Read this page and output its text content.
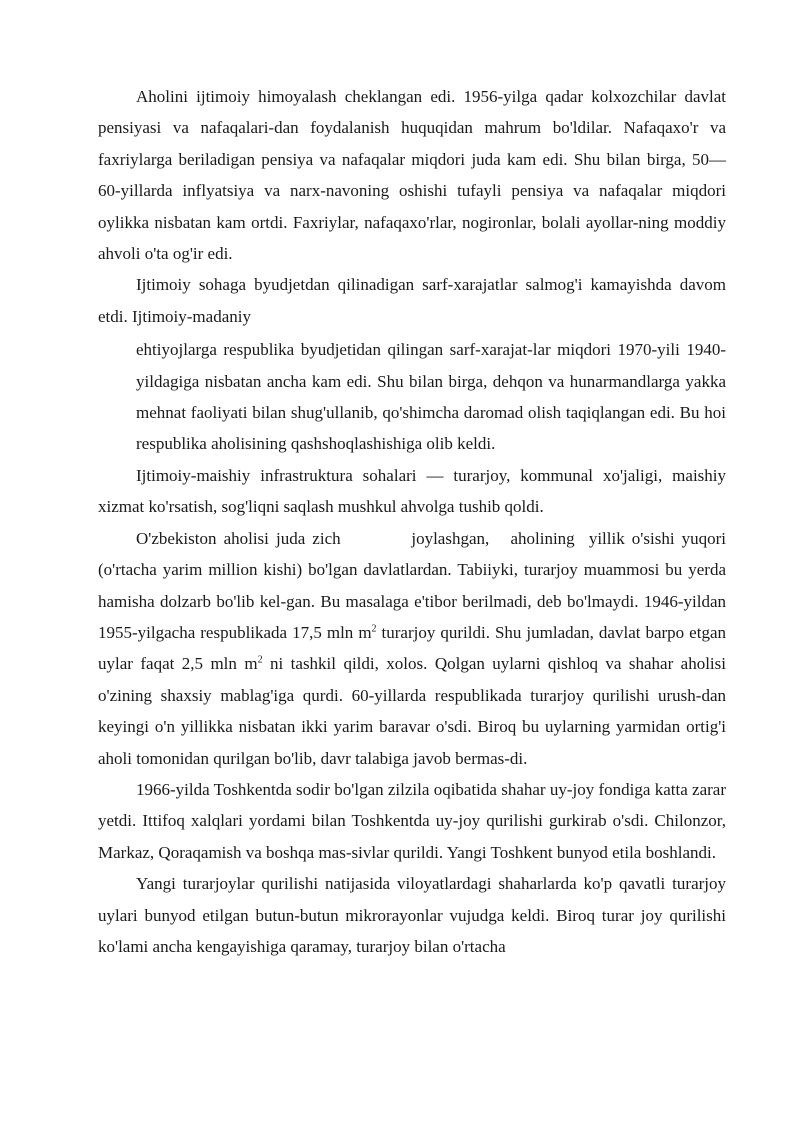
Aholini ijtimoiy himoyalash cheklangan edi. 1956-yilga qadar kolxozchilar davlat pensiyasi va nafaqalari-dan foydalanish huquqidan mahrum bo'ldilar. Nafaqaxo'r va faxriylarga beriladigan pensiya va nafaqalar miqdori juda kam edi. Shu bilan birga, 50— 60-yillarda inflyatsiya va narx-navoning oshishi tufayli pensiya va nafaqalar miqdori oylikka nisbatan kam ortdi. Faxriylar, nafaqaxo'rlar, nogironlar, bolali ayollar-ning moddiy ahvoli o'ta og'ir edi.

Ijtimoiy sohaga byudjetdan qilinadigan sarf-xarajatlar salmog'i kamayishda davom etdi. Ijtimoiy-madaniy

ehtiyojlarga respublika byudjetidan qilingan sarf-xarajat-lar miqdori 1970-yili 1940-yildagiga nisbatan ancha kam edi. Shu bilan birga, dehqon va hunarmandlarga yakka mehnat faoliyati bilan shug'ullanib, qo'shimcha daromad olish taqiqlangan edi. Bu hoi respublika aholisining qashshoqlashishiga olib keldi.

Ijtimoiy-maishiy infrastruktura sohalari — turarjoy, kommunal xo'jaligi, maishiy xizmat ko'rsatish, sog'liqni saqlash mushkul ahvolga tushib qoldi.

O'zbekiston aholisi juda zich          joylashgan,   aholining  yillik o'sishi yuqori (o'rtacha yarim million kishi) bo'lgan davlatlardan. Tabiiyki, turarjoy muammosi bu yerda hamisha dolzarb bo'lib kel-gan. Bu masalaga e'tibor berilmadi, deb bo'lmaydi. 1946-yildan 1955-yilgacha respublikada 17,5 mln $m^2$ turarjoy qurildi. Shu jumladan, davlat barpo etgan uylar faqat 2,5 mln $m^2$ ni tashkil qildi, xolos. Qolgan uylarni qishloq va shahar aholisi o'zining shaxsiy mablag'iga qurdi. 60-yillarda respublikada turarjoy qurilishi urush-dan keyingi o'n yillikka nisbatan ikki yarim baravar o'sdi. Biroq bu uylarning yarmidan ortig'i aholi tomonidan qurilgan bo'lib, davr talabiga javob bermas-di.

1966-yilda Toshkentda sodir bo'lgan zilzila oqibatida shahar uy-joy fondiga katta zarar yetdi. Ittifoq xalqlari yordami bilan Toshkentda uy-joy qurilishi gurkirab o'sdi. Chilonzor, Markaz, Qoraqamish va boshqa mas-sivlar qurildi. Yangi Toshkent bunyod etila boshlandi.

Yangi turarjoylar qurilishi natijasida viloyatlardagi shaharlarda ko'p qavatli turarjoy uylari bunyod etilgan butun-butun mikrorayonlar vujudga keldi. Biroq turar joy qurilishi ko'lami ancha kengayishiga qaramay, turarjoy bilan o'rtacha
